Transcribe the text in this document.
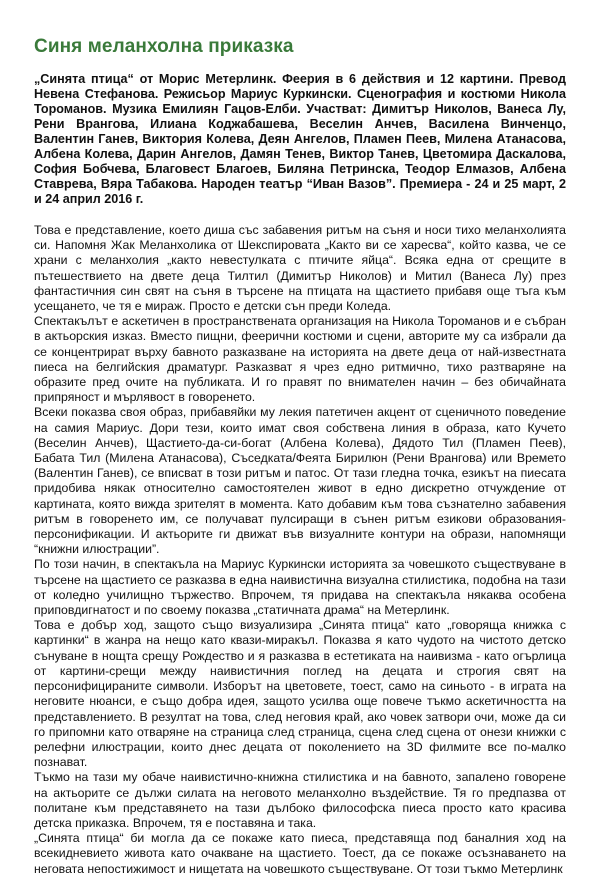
Синя меланхолна приказка
„Синята птица“ от Морис Метерлинк. Феерия в 6 действия и 12 картини. Превод Невена Стефанова. Режисьор Мариус Куркински. Сценография и костюми Никола Тороманов. Музика Емилиян Гацов-Елби. Участват: Димитър Николов, Ванеса Лу, Рени Врангова, Илиана Коджабашева, Веселин Анчев, Василена Винченцо, Валентин Ганев, Виктория Колева, Деян Ангелов, Пламен Пеев, Милена Атанасова, Албена Колева, Дарин Ангелов, Дамян Тенев, Виктор Танев, Цветомира Даскалова, София Бобчева, Благовест Благоев, Биляна Петринска, Теодор Елмазов, Албена Ставрева, Вяра Табакова. Народен театър “Иван Вазов”. Премиера - 24 и 25 март, 2 и 24 април 2016 г.

Това е представление, което диша със забавения ритъм на съня и носи тихо меланхолията си. Напомня Жак Меланхолика от Шекспировата „Както ви се харесва“, който казва, че се храни с меланхолия „както невестулката с птичите яйца“. Всяка една от срещите в пътешествието на двете деца Тилтил (Димитър Николов) и Митил (Ванеса Лу) през фантастичния син свят на съня в търсене на птицата на щастието прибавя още тъга към усещането, че тя е мираж. Просто е детски сън преди Коледа.

Спектакълът е аскетичен в пространствената организация на Никола Тороманов и е събран в актьорския изказ. Вместо пищни, феерични костюми и сцени, авторите му са избрали да се концентрират върху бавното разказване на историята на двете деца от най-известната пиеса на белгийския драматург. Разказват я чрез едно ритмично, тихо разтваряне на образите пред очите на публиката. И го правят по внимателен начин – без обичайната припряност и мърлявост в говоренето.

Всеки показва своя образ, прибавяйки му лекия патетичен акцент от сценичното поведение на самия Мариус. Дори тези, които имат своя собствена линия в образа, като Кучето (Веселин Анчев), Щастието-да-си-богат (Албена Колева), Дядото Тил (Пламен Пеев), Бабата Тил (Милена Атанасова), Съседката/Феята Бирилюн (Рени Врангова) или Времето (Валентин Ганев), се вписват в този ритъм и патос. От тази гледна точка, езикът на пиесата придобива някак относително самостоятелен живот в едно дискретно отчуждение от картината, която вижда зрителят в момента. Като добавим към това съзнателно забавения ритъм в говоренето им, се получават пулсиращи в сънен ритъм езикови образования-персонификации. И актьорите ги движат във визуалните контури на образи, напомнящи “книжни илюстрации”.

По този начин, в спектакъла на Мариус Куркински историята за човешкото съществуване в търсене на щастието се разказва в една наивистична визуална стилистика, подобна на тази от коледно училищно тържество. Впрочем, тя придава на спектакъла някаква особена приповдигнатост и по своему показва „статичната драма“ на Метерлинк.

Това е добър ход, защото също визуализира „Синята птица“ като „говоряща книжка с картинки“ в жанра на нещо като квази-миракъл. Показва я като чудото на чистото детско сънуване в нощта срещу Рождество и я разказва в естетиката на наивизма - като огърлица от картини-срещи между наивистичния поглед на децата и строгия свят на персонифицираните символи. Изборът на цветовете, тоест, само на синьото - в играта на неговите нюанси, е също добра идея, защото усилва още повече тъкмо аскетичността на представлението. В резултат на това, след неговия край, ако човек затвори очи, може да си го припомни като отваряне на страница след страница, сцена след сцена от онези книжки с релефни илюстрации, които днес децата от поколението на 3D филмите все по-малко познават.

Тъкмо на тази му обаче наивистично-книжна стилистика и на бавното, запалено говорене на актьорите се дължи силата на неговото меланхолно въздействие. Тя го предпазва от политане към представянето на тази дълбоко философска пиеса просто като красива детска приказка. Впрочем, тя е поставяна и така.

„Синята птица“ би могла да се покаже като пиеса, представяща под баналния ход на всекидневието живота като очакване на щастието. Тоест, да се покаже осъзнаването на неговата непостижимост и нищетата на човешкото съществуване. От този тъкмо Метерлинк
